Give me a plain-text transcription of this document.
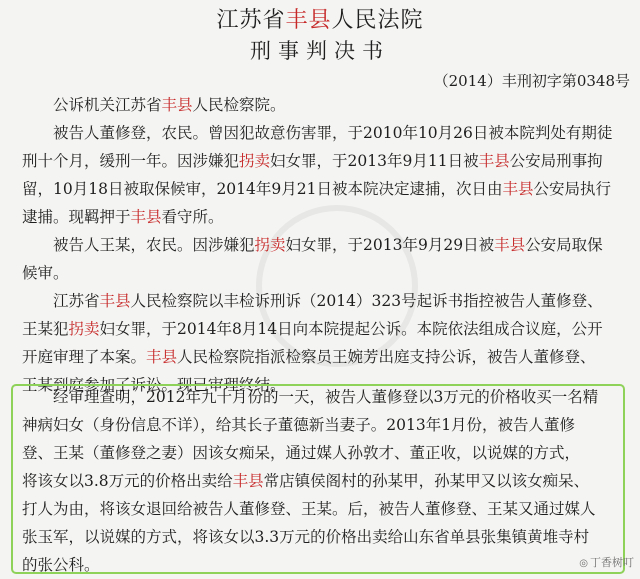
江苏省丰县人民法院
刑事判决书
（2014）丰刑初字第0348号
公诉机关江苏省丰县人民检察院。
被告人董修登，农民。曾因犯故意伤害罪，于2010年10月26日被本院判处有期徒
刑十个月，缓刑一年。因涉嫌犯拐卖妇女罪，于2013年9月11日被丰县公安局刑事拘
留，10月18日被取保候审，2014年9月21日被本院决定逮捕，次日由丰县公安局执行
逮捕。现羁押于丰县看守所。
被告人王某，农民。因涉嫌犯拐卖妇女罪，于2013年9月29日被丰县公安局取保
候审。
江苏省丰县人民检察院以丰检诉刑诉（2014）323号起诉书指控被告人董修登、
王某犯拐卖妇女罪，于2014年8月14日向本院提起公诉。本院依法组成合议庭，公开
开庭审理了本案。丰县人民检察院指派检察员王婉芳出庭支持公诉，被告人董修登、
王某到庭参加了诉讼。现已审理终结。
经审理查明，2012年九十月份的一天，被告人董修登以3万元的价格收买一名精
神病妇女（身份信息不详），给其长子董德新当妻子。2013年1月份，被告人董修
登、王某（董修登之妻）因该女痴呆，通过媒人孙敦才、董正收，以说媒的方式，
将该女以3.8万元的价格出卖给丰县常店镇侯阁村的孙某甲，孙某甲又以该女痴呆、
打人为由，将该女退回给被告人董修登、王某。后，被告人董修登、王某又通过媒人
张玉军，以说媒的方式，将该女以3.3万元的价格出卖给山东省单县张集镇黄堆寺村
的张公科。	◎ 丁香树叮
